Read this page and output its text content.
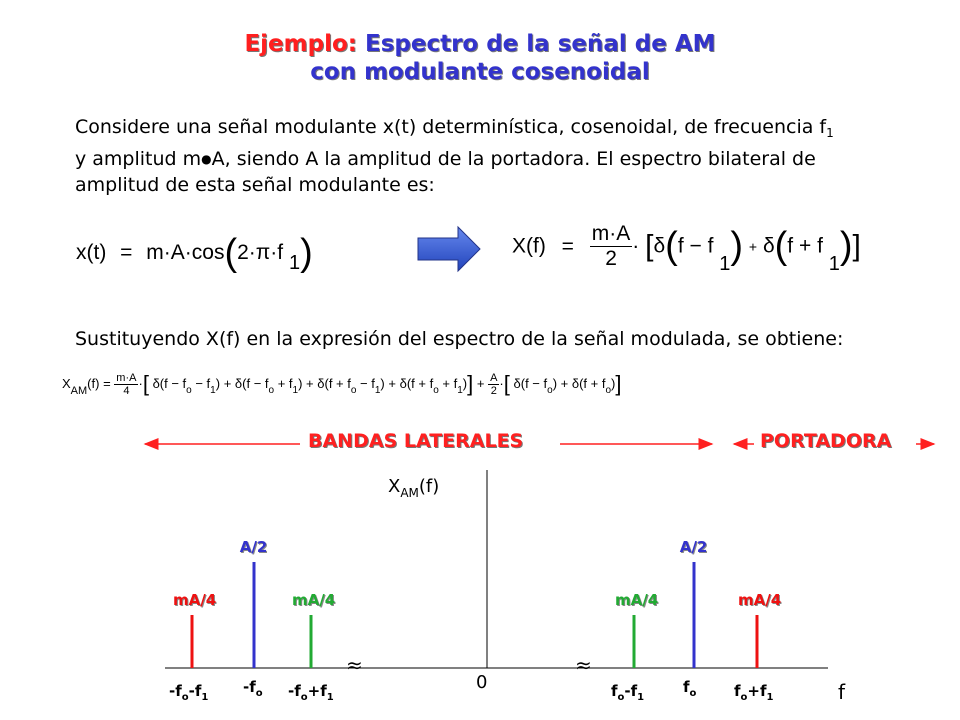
Ejemplo: Espectro de la señal de AM
con modulante cosenoidal
Considere una señal modulante x(t) determinística, cosenoidal, de frecuencia $f_1$
y amplitud m●A, siendo A la amplitud de la portadora. El espectro bilateral de
amplitud de esta señal modulante es:
x(t) = m·A·cos(2·π·f 1)	$X(f) = \frac{m\cdot A}{2} \cdot [\delta(f - f$ 1) + δ(f + f 1)]
Sustituyendo X(f) en la expresión del espectro de la señal modulada, se obtiene:
$X_{AM}(f) = \frac{m\cdot A}{4}$ ·[ $\delta(f - f_o - f_1) + \delta(f - f_o + f_1) + \delta(f + f_o - f_1) + \delta(f + f_o + f_1)] + \frac{A}{2}$ ·[ $\delta(f - f_o) + \delta(f + f_o)$]
BANDAS LATERALES	PORTADORA
≈	≈
$X_{AM}(f)$
0	f
mA/4
$-f_o-f_1$
A/2
$-f_o$
mA/4
$-f_o+f_1$
mA/4
$f_o-f_1$
A/2
$f_o$
mA/4
$f_o+f_1$
